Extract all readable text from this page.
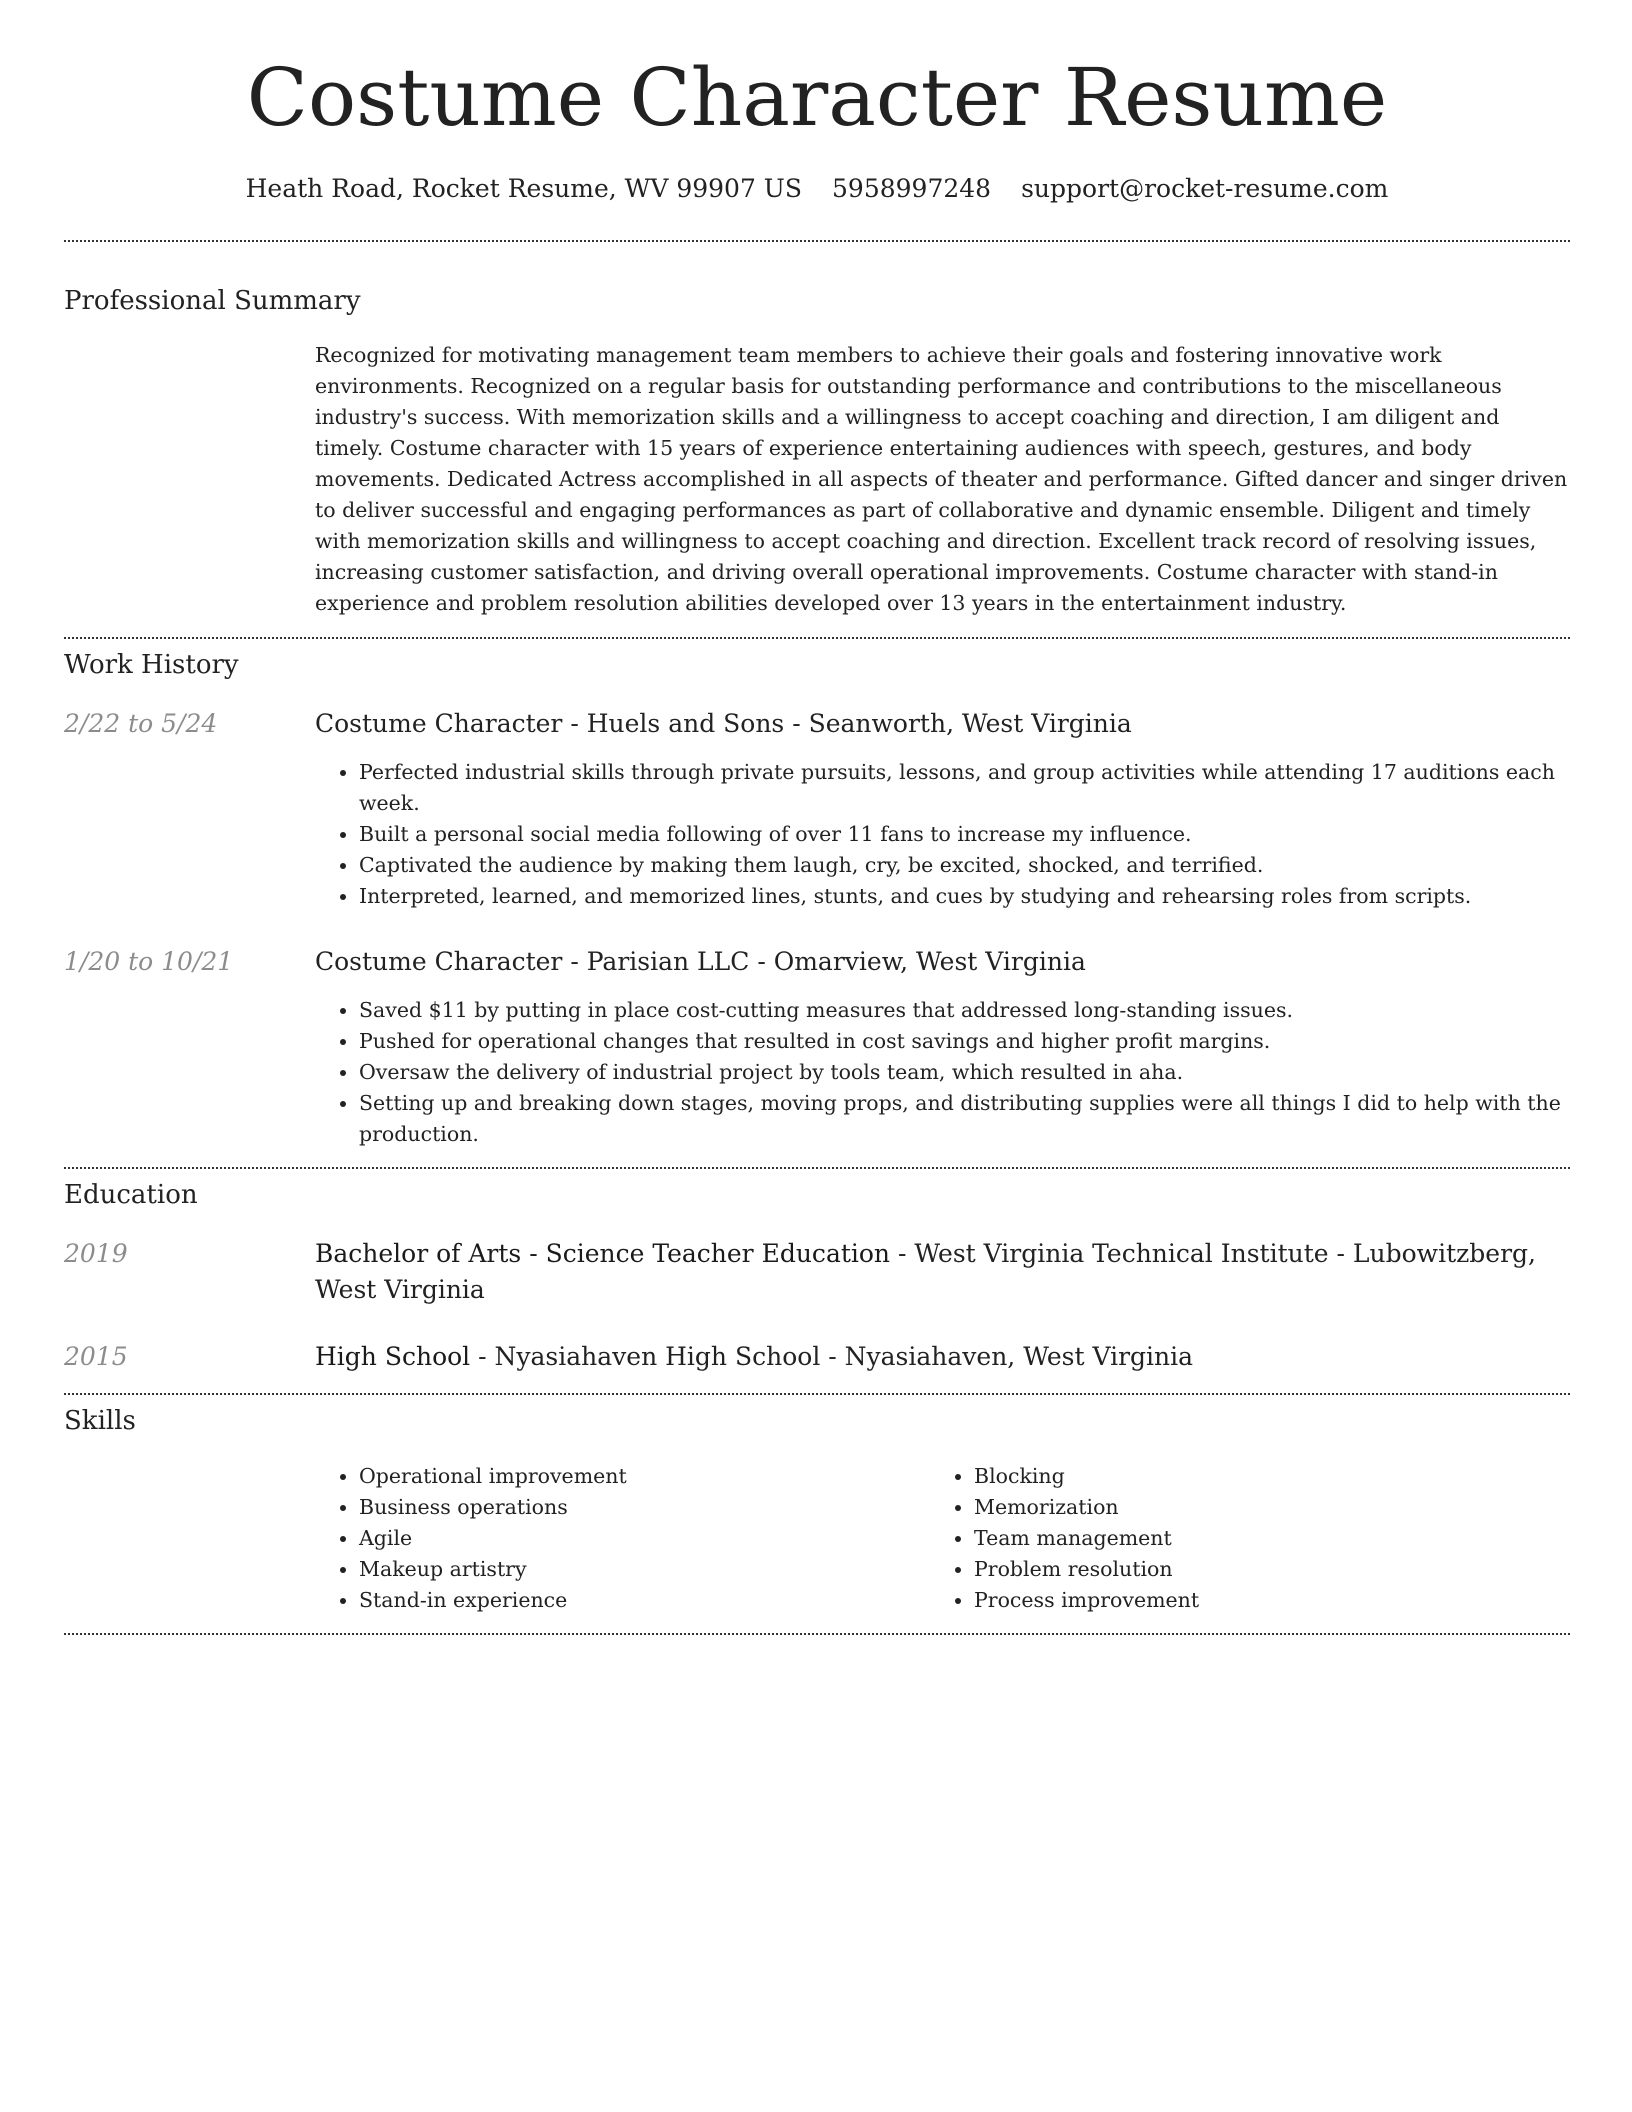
Costume Character Resume
Heath Road, Rocket Resume, WV 99907 US 5958997248 support@rocket-resume.com
Professional Summary

Recognized for motivating management team members to achieve their goals and fostering innovative work environments. Recognized on a regular basis for outstanding performance and contributions to the miscellaneous industry's success. With memorization skills and a willingness to accept coaching and direction, I am diligent and timely. Costume character with 15 years of experience entertaining audiences with speech, gestures, and body movements. Dedicated Actress accomplished in all aspects of theater and performance. Gifted dancer and singer driven to deliver successful and engaging performances as part of collaborative and dynamic ensemble. Diligent and timely with memorization skills and willingness to accept coaching and direction. Excellent track record of resolving issues, increasing customer satisfaction, and driving overall operational improvements. Costume character with stand-in experience and problem resolution abilities developed over 13 years in the entertainment industry.

Work History
2/22 to 5/24	Costume Character - Huels and Sons - Seanworth, West Virginia
• Perfected industrial skills through private pursuits, lessons, and group activities while attending 17 auditions each week.
• Built a personal social media following of over 11 fans to increase my influence.
• Captivated the audience by making them laugh, cry, be excited, shocked, and terrified.
• Interpreted, learned, and memorized lines, stunts, and cues by studying and rehearsing roles from scripts.
1/20 to 10/21	Costume Character - Parisian LLC - Omarview, West Virginia
• Saved $11 by putting in place cost-cutting measures that addressed long-standing issues.
• Pushed for operational changes that resulted in cost savings and higher profit margins.
• Oversaw the delivery of industrial project by tools team, which resulted in aha.
• Setting up and breaking down stages, moving props, and distributing supplies were all things I did to help with the production.
Education
2019	Bachelor of Arts - Science Teacher Education - West Virginia Technical Institute - Lubowitzberg, West Virginia
2015	High School - Nyasiahaven High School - Nyasiahaven, West Virginia
Skills
• Operational improvement
• Business operations
• Agile
• Makeup artistry
• Stand-in experience
• Blocking
• Memorization
• Team management
• Problem resolution
• Process improvement
